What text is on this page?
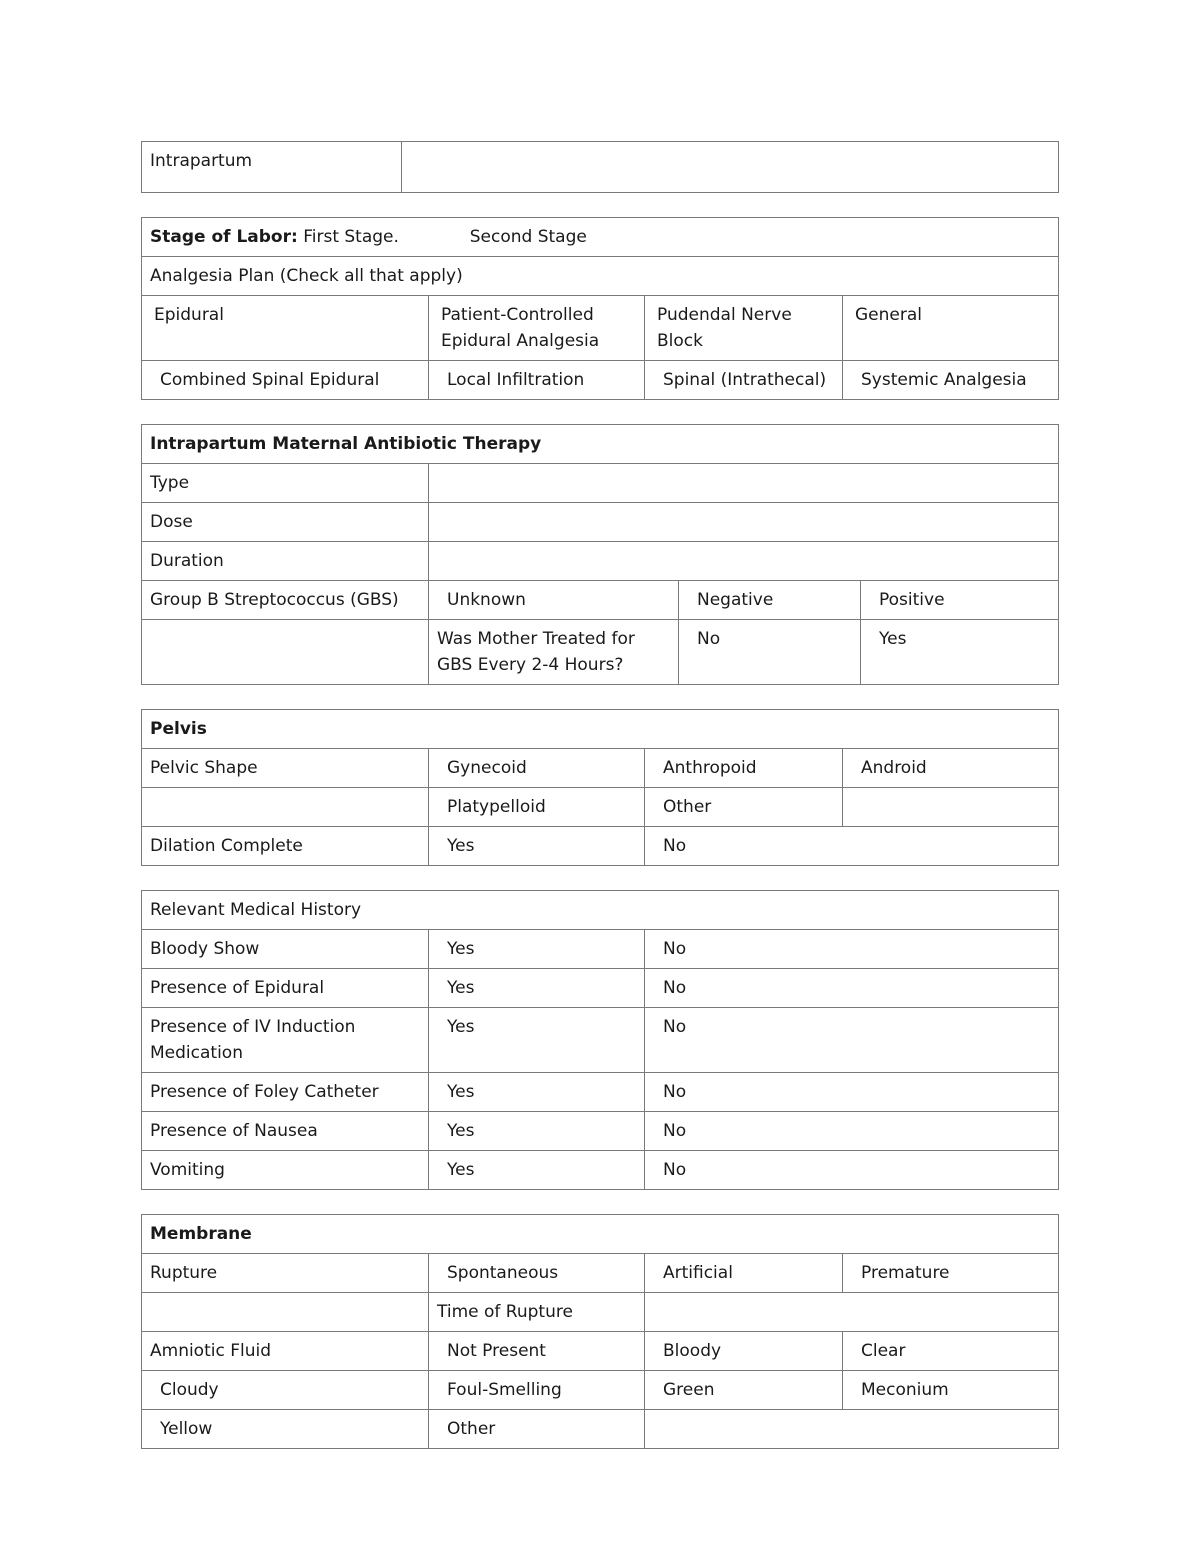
Intrapartum	
Stage of Labor: First Stage. Second Stage			
Analgesia Plan (Check all that apply)			
Epidural	Patient-Controlled Epidural Analgesia	Pudendal Nerve Block	General
Combined Spinal Epidural	Local Infiltration	Spinal (Intrathecal)	Systemic Analgesia
Intrapartum Maternal Antibiotic Therapy			
Type			
Dose			
Duration			
Group B Streptococcus (GBS)	Unknown	Negative	Positive
	Was Mother Treated for GBS Every 2-4 Hours?	No	Yes
Pelvis			
Pelvic Shape	Gynecoid	Anthropoid	Android
	Platypelloid	Other	
Dilation Complete	Yes	No	
Relevant Medical History		
Bloody Show	Yes	No
Presence of Epidural	Yes	No
Presence of IV Induction Medication	Yes	No
Presence of Foley Catheter	Yes	No
Presence of Nausea	Yes	No
Vomiting	Yes	No
Membrane			
Rupture	Spontaneous	Artificial	Premature
	Time of Rupture		
Amniotic Fluid	Not Present	Bloody	Clear
Cloudy	Foul-Smelling	Green	Meconium
Yellow	Other		
